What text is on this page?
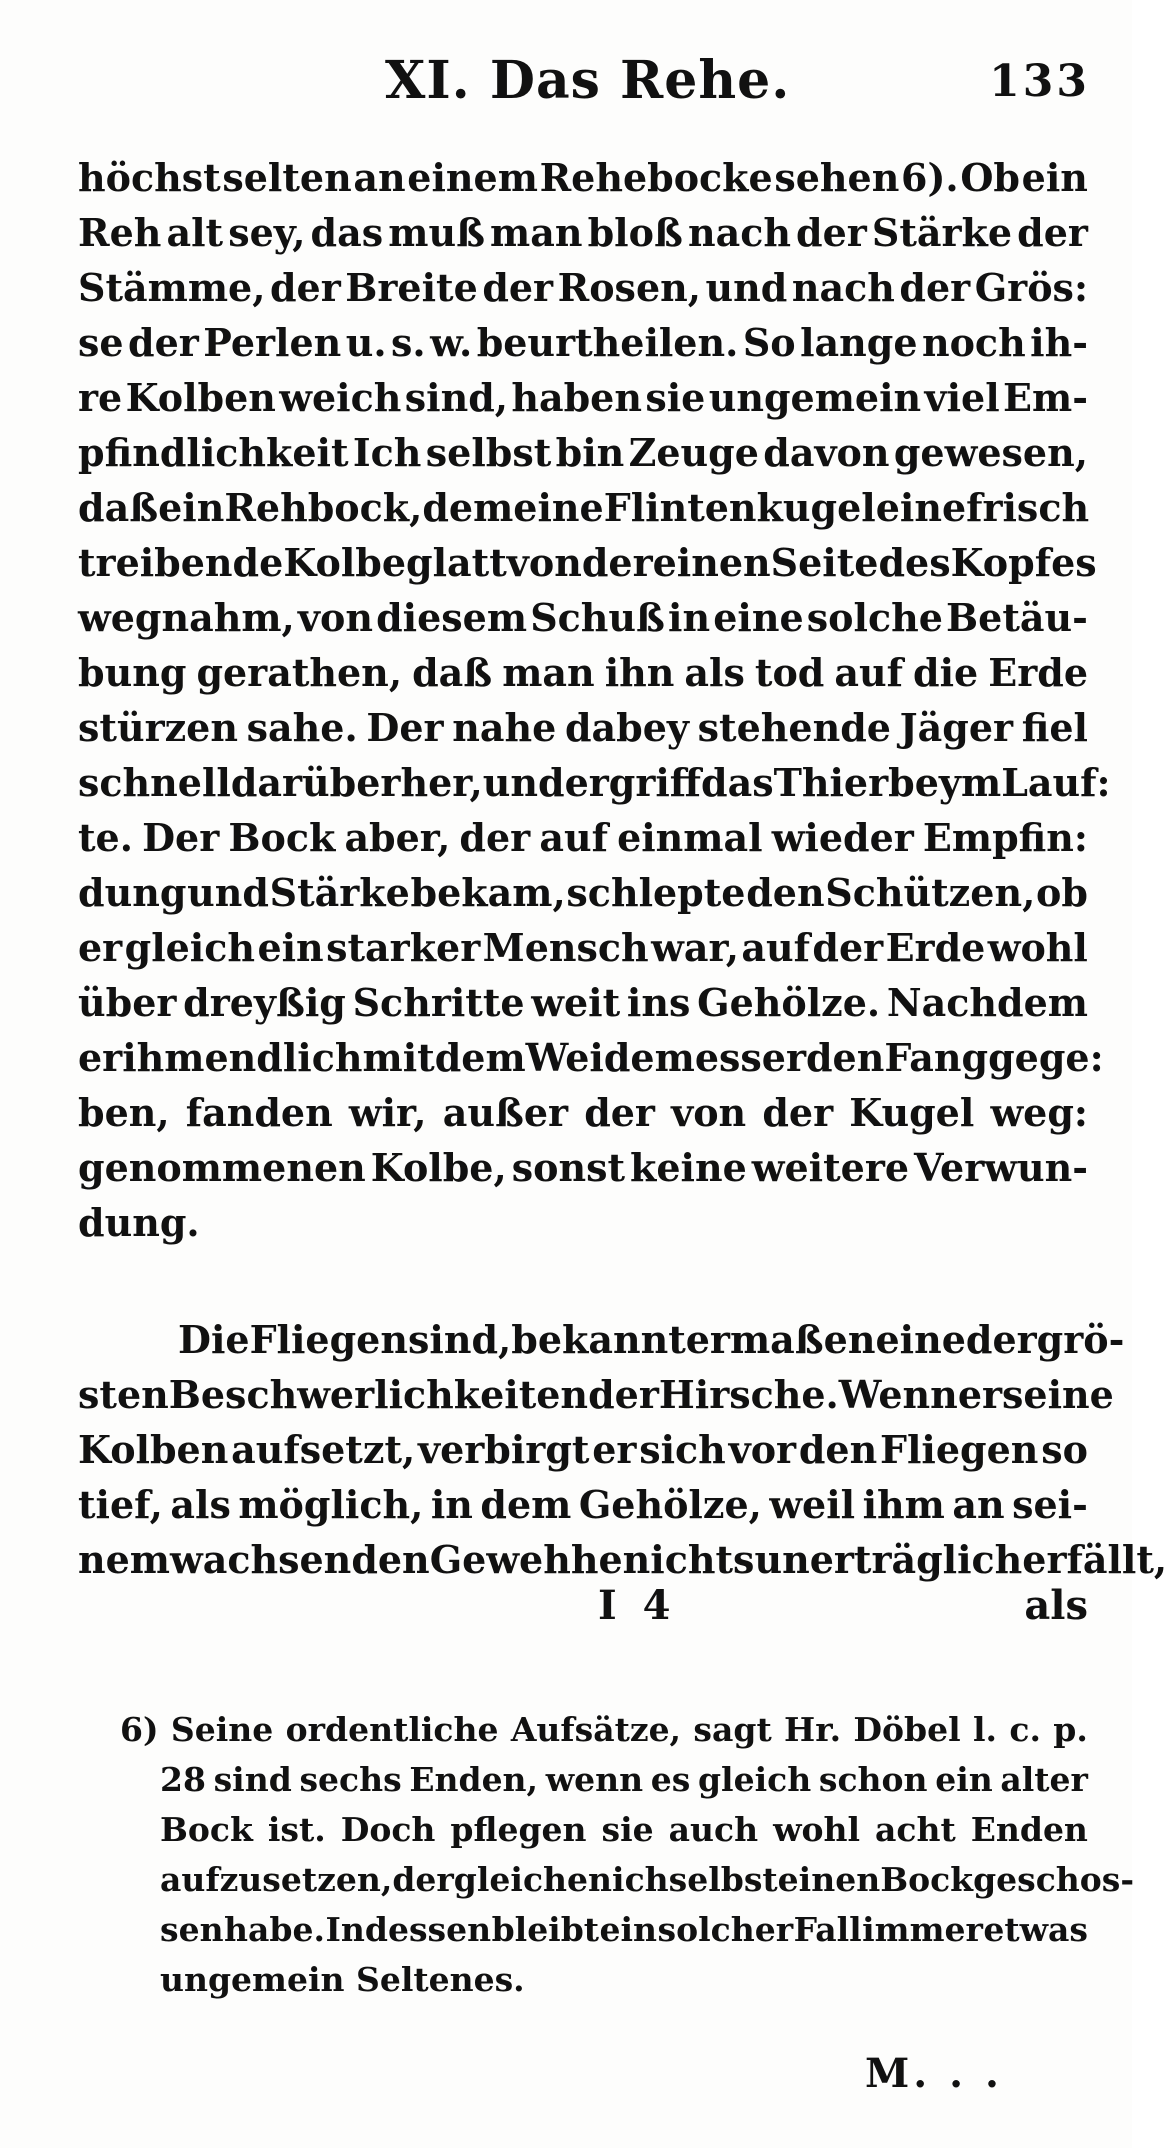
XI. Das Rehe.	133
höchst selten an einem Rehebocke sehen 6). Ob ein
Reh alt sey, das muß man bloß nach der Stärke der
Stämme, der Breite der Rosen, und nach der Grös:
se der Perlen u. s. w. beurtheilen. So lange noch ih-
re Kolben weich sind, haben sie ungemein viel Em-
pfindlichkeit Ich selbst bin Zeuge davon gewesen,
daß ein Rehbock, dem eine Flintenkugel eine frisch
treibende Kolbe glatt von der einen Seite des Kopfes
wegnahm, von diesem Schuß in eine solche Betäu-
bung gerathen, daß man ihn als tod auf die Erde
stürzen sahe. Der nahe dabey stehende Jäger fiel
schnell darüber her, und ergriff das Thier beym Lauf:
te. Der Bock aber, der auf einmal wieder Empfin:
dung und Stärke bekam, schlepte den Schützen, ob
er gleich ein starker Mensch war, auf der Erde wohl
über dreyßig Schritte weit ins Gehölze. Nachdem
er ihm endlich mit dem Weidemesser den Fang gege:
ben, fanden wir, außer der von der Kugel weg:
genommenen Kolbe, sonst keine weitere Verwun-
dung.
Die Fliegen sind, bekanntermaßen eine der grö-
sten Beschwerlichkeiten der Hirsche. Wenn er seine
Kolben aufsetzt, verbirgt er sich vor den Fliegen so
tief, als möglich, in dem Gehölze, weil ihm an sei-
nem wachsenden Gewehhe nichts unerträglicher fällt,
I 4	als
6) Seine ordentliche Aufsätze, sagt Hr. Döbel l. c. p.
28 sind sechs Enden, wenn es gleich schon ein alter
Bock ist. Doch pflegen sie auch wohl acht Enden
aufzusetzen, dergleichen ich selbst einen Bock geschos-
sen habe. Indessen bleibt ein solcher Fall immer etwas
ungemein Seltenes.
M. . .
